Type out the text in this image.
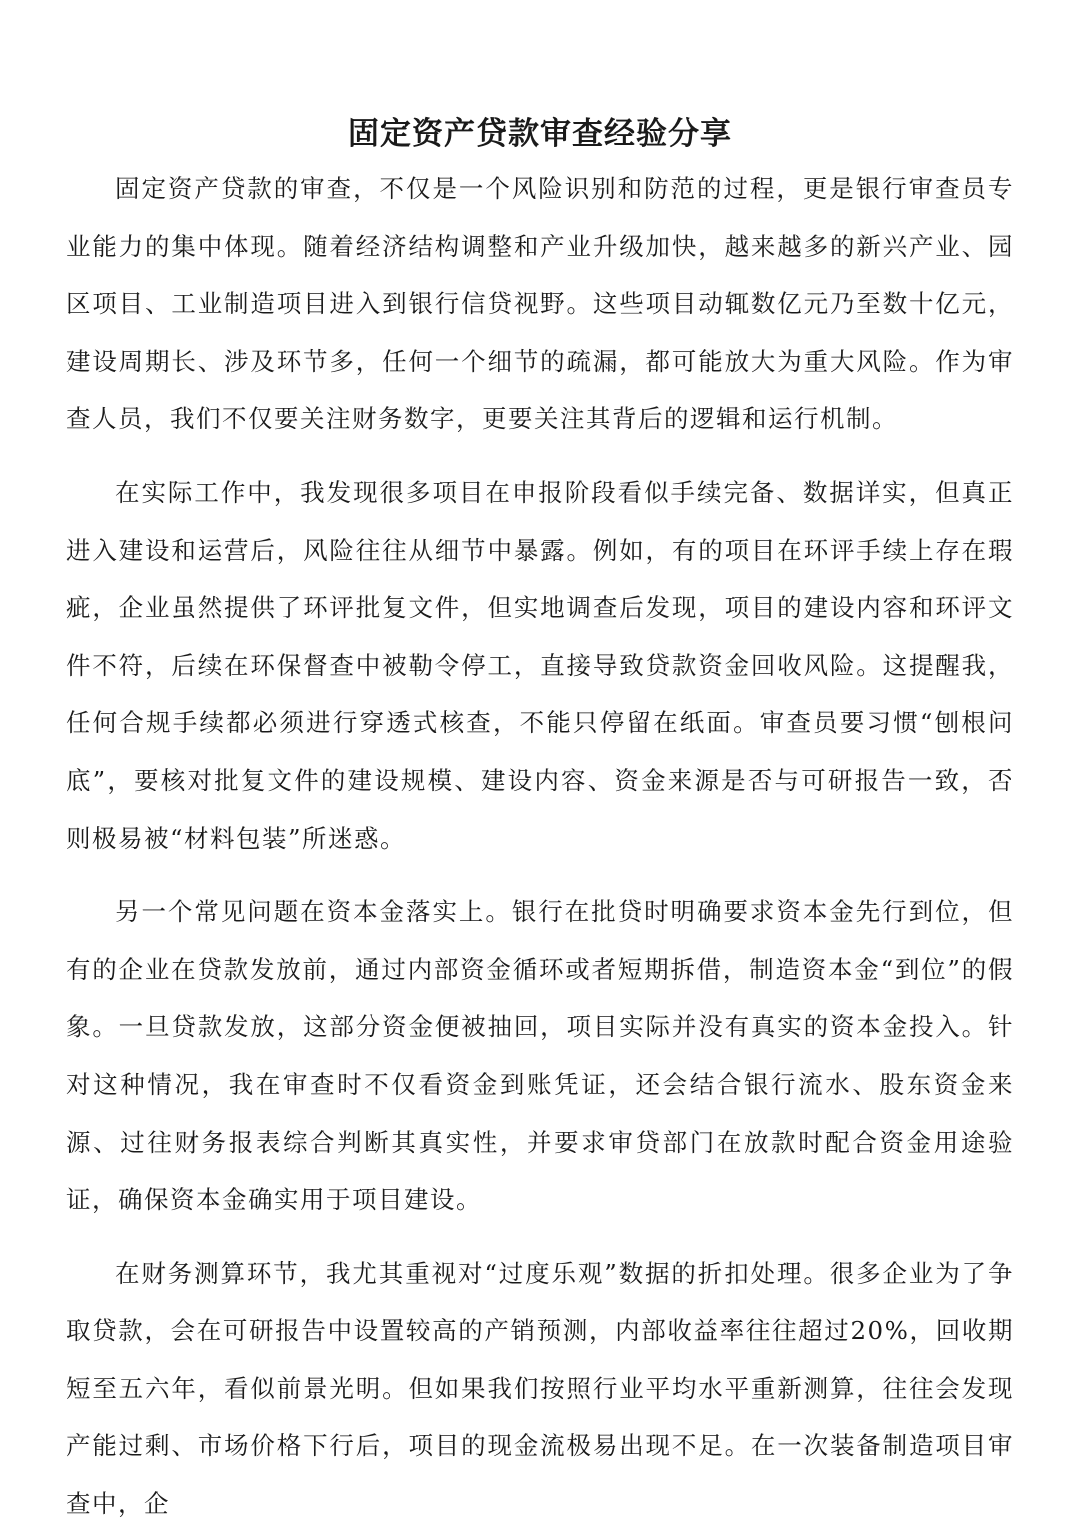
固定资产贷款审查经验分享

固定资产贷款的审查，不仅是一个风险识别和防范的过程，更是银行审查员专业能力的集中体现。随着经济结构调整和产业升级加快，越来越多的新兴产业、园区项目、工业制造项目进入到银行信贷视野。这些项目动辄数亿元乃至数十亿元，建设周期长、涉及环节多，任何一个细节的疏漏，都可能放大为重大风险。作为审查人员，我们不仅要关注财务数字，更要关注其背后的逻辑和运行机制。

在实际工作中，我发现很多项目在申报阶段看似手续完备、数据详实，但真正进入建设和运营后，风险往往从细节中暴露。例如，有的项目在环评手续上存在瑕疵，企业虽然提供了环评批复文件，但实地调查后发现，项目的建设内容和环评文件不符，后续在环保督查中被勒令停工，直接导致贷款资金回收风险。这提醒我，任何合规手续都必须进行穿透式核查，不能只停留在纸面。审查员要习惯“刨根问底”，要核对批复文件的建设规模、建设内容、资金来源是否与可研报告一致，否则极易被“材料包装”所迷惑。

另一个常见问题在资本金落实上。银行在批贷时明确要求资本金先行到位，但有的企业在贷款发放前，通过内部资金循环或者短期拆借，制造资本金“到位”的假象。一旦贷款发放，这部分资金便被抽回，项目实际并没有真实的资本金投入。针对这种情况，我在审查时不仅看资金到账凭证，还会结合银行流水、股东资金来源、过往财务报表综合判断其真实性，并要求审贷部门在放款时配合资金用途验证，确保资本金确实用于项目建设。

在财务测算环节，我尤其重视对“过度乐观”数据的折扣处理。很多企业为了争取贷款，会在可研报告中设置较高的产销预测，内部收益率往往超过20%，回收期短至五六年，看似前景光明。但如果我们按照行业平均水平重新测算，往往会发现产能过剩、市场价格下行后，项目的现金流极易出现不足。在一次装备制造项目审查中，企
